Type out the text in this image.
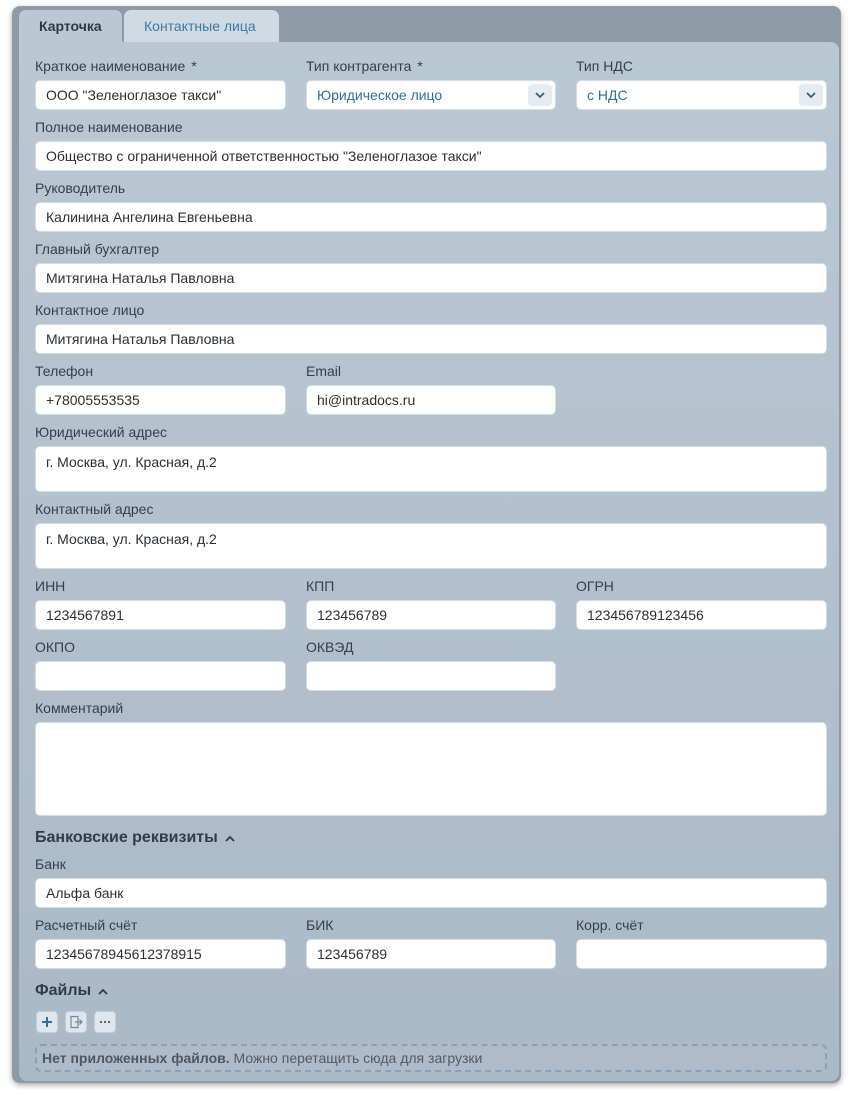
Карточка	Контактные лица
Краткое наименование *
ООО "Зеленоглазое такси"
Тип контрагента *
Юридическое лицо
Тип НДС
с НДС
Полное наименование
Общество с ограниченной ответственностью "Зеленоглазое такси"
Руководитель
Калинина Ангелина Евгеньевна
Главный бухгалтер
Митягина Наталья Павловна
Контактное лицо
Митягина Наталья Павловна
Телефон
+78005553535
Email
hi@intradocs.ru
Юридический адрес
г. Москва, ул. Красная, д.2
Контактный адрес
г. Москва, ул. Красная, д.2
ИНН
1234567891
КПП
123456789
ОГРН
123456789123456
ОКПО	ОКВЭД
Комментарий
Банковские реквизиты
Банк
Альфа банк
Расчетный счёт
12345678945612378915
БИК
123456789
Корр. счёт
Файлы
Нет приложенных файлов. Можно перетащить сюда для загрузки
